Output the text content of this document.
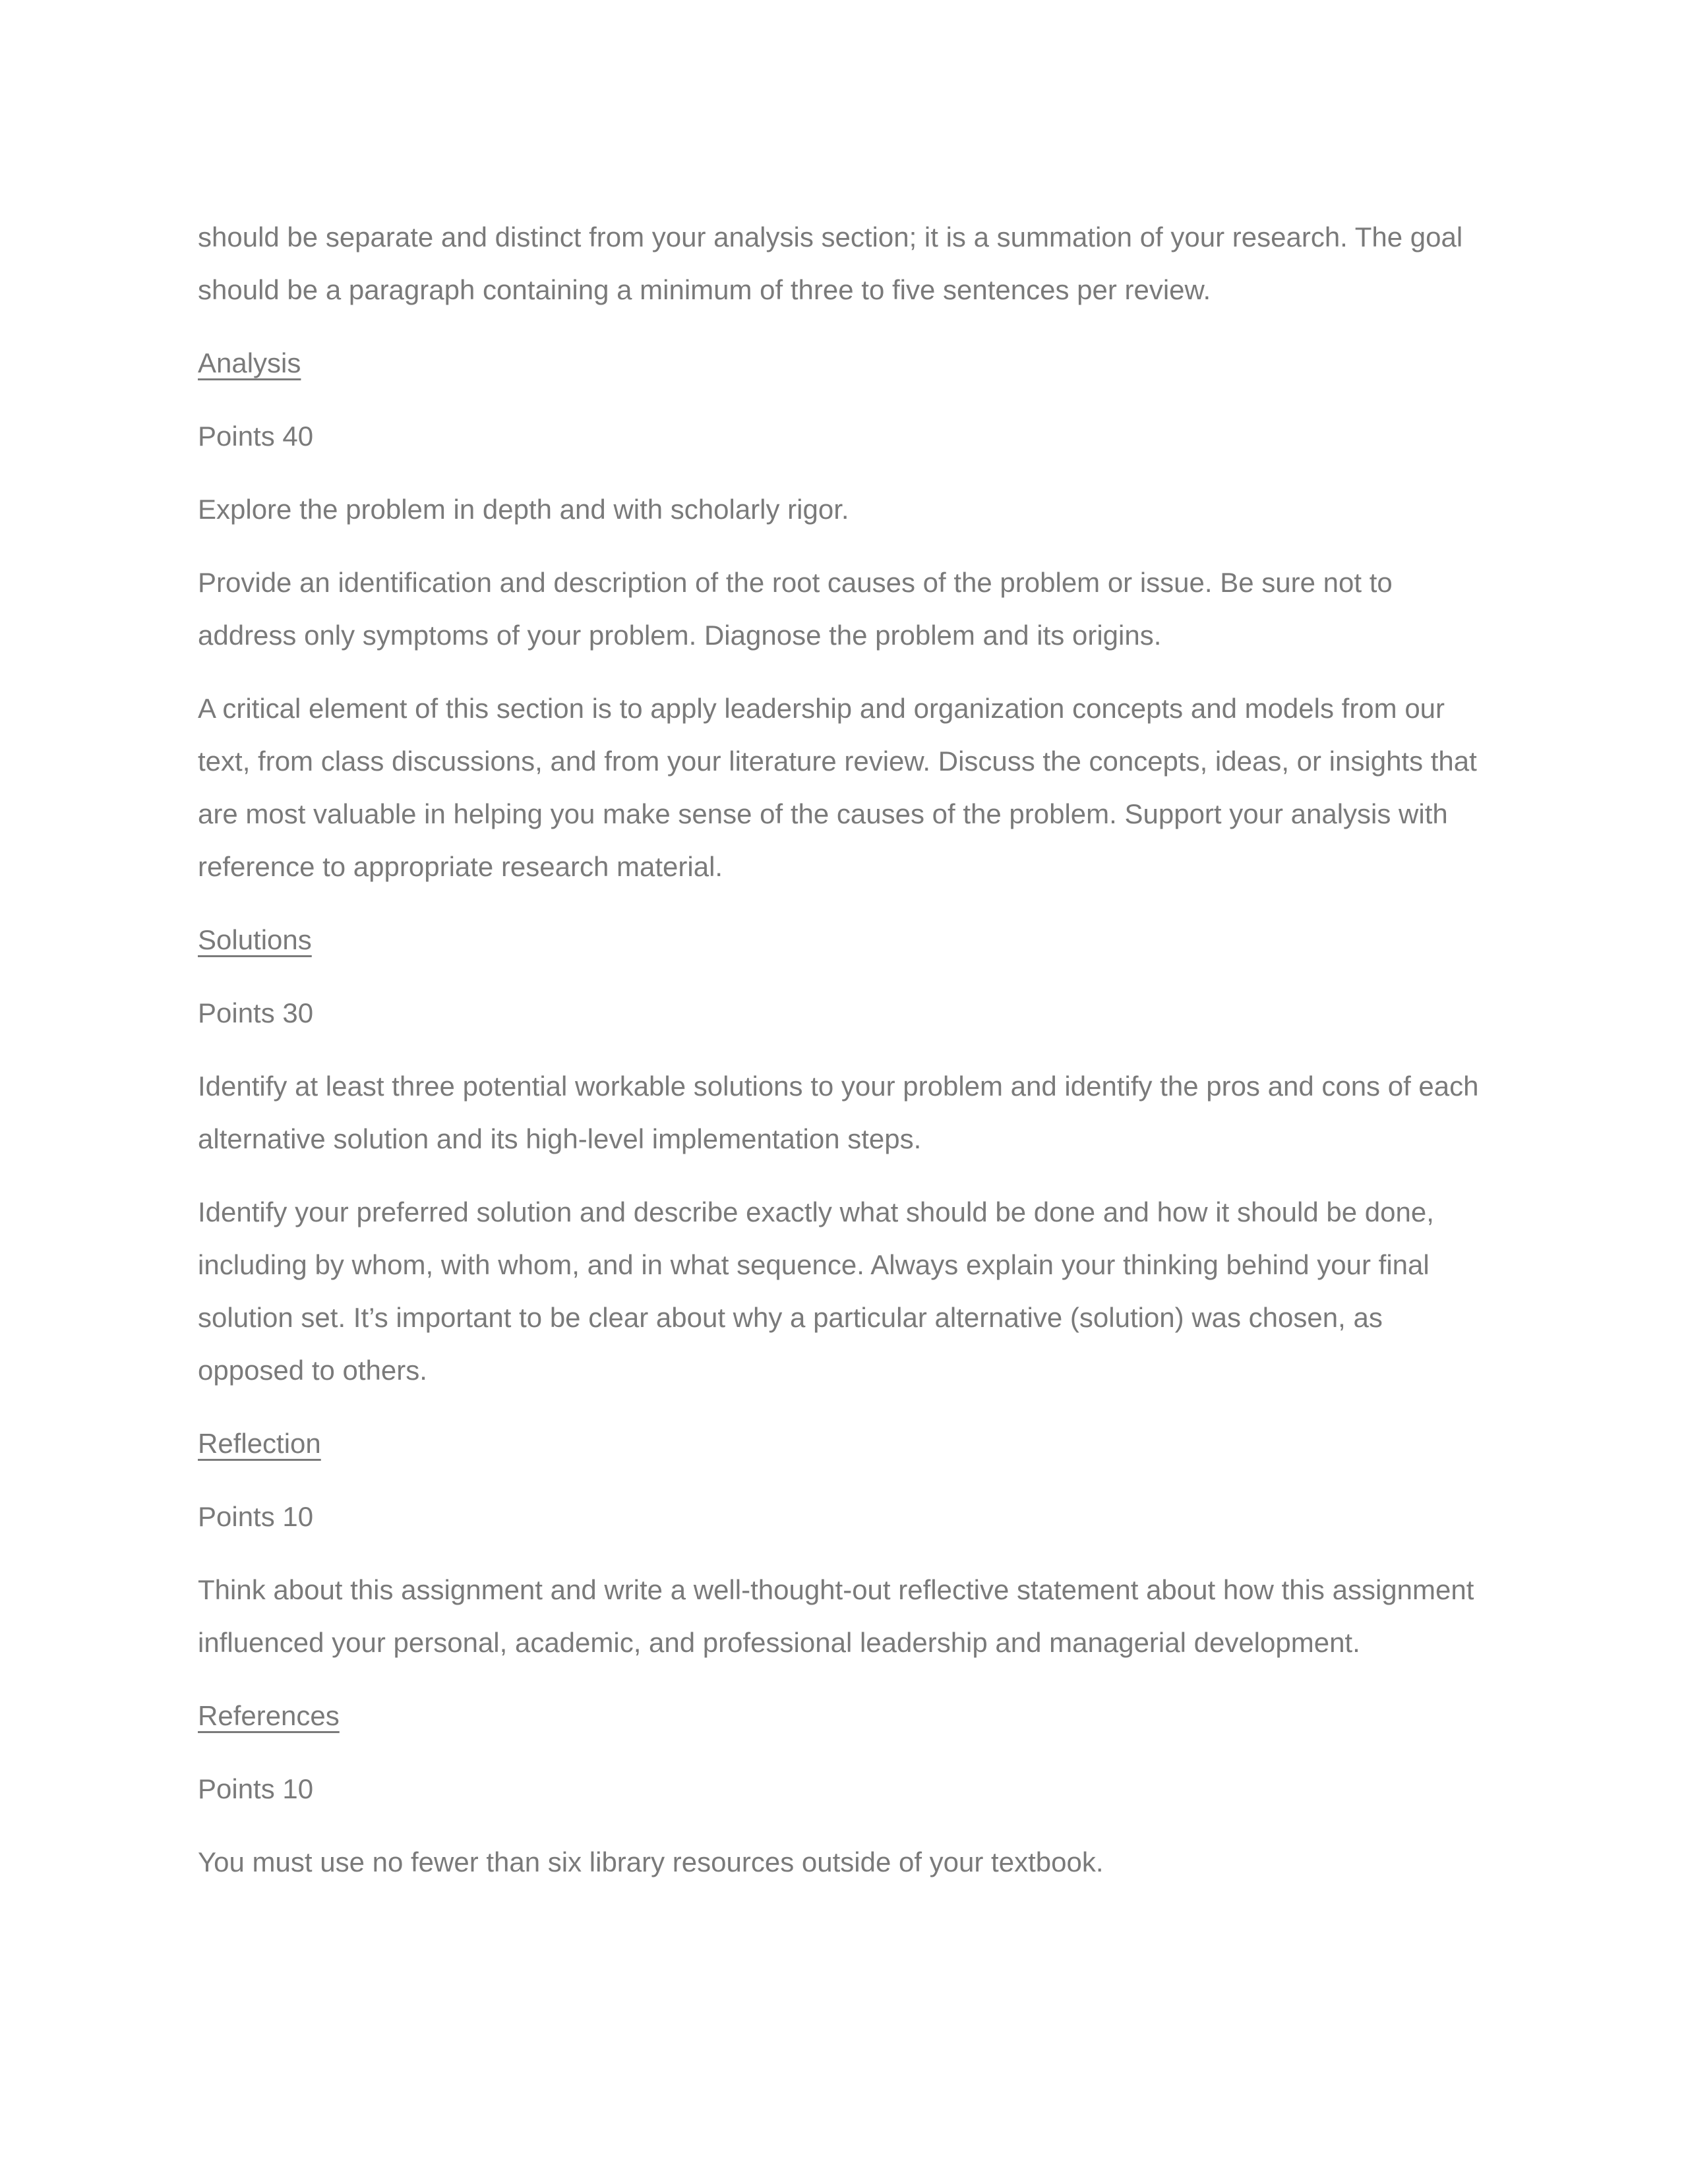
should be separate and distinct from your analysis section; it is a summation of your research. The goal should be a paragraph containing a minimum of three to five sentences per review.

Analysis

Points 40

Explore the problem in depth and with scholarly rigor.

Provide an identification and description of the root causes of the problem or issue. Be sure not to address only symptoms of your problem. Diagnose the problem and its origins.

A critical element of this section is to apply leadership and organization concepts and models from our text, from class discussions, and from your literature review. Discuss the concepts, ideas, or insights that are most valuable in helping you make sense of the causes of the problem. Support your analysis with reference to appropriate research material.

Solutions

Points 30

Identify at least three potential workable solutions to your problem and identify the pros and cons of each alternative solution and its high-level implementation steps.

Identify your preferred solution and describe exactly what should be done and how it should be done, including by whom, with whom, and in what sequence. Always explain your thinking behind your final solution set. It’s important to be clear about why a particular alternative (solution) was chosen, as opposed to others.

Reflection

Points 10

Think about this assignment and write a well-thought-out reflective statement about how this assignment influenced your personal, academic, and professional leadership and managerial development.

References

Points 10

You must use no fewer than six library resources outside of your textbook.
